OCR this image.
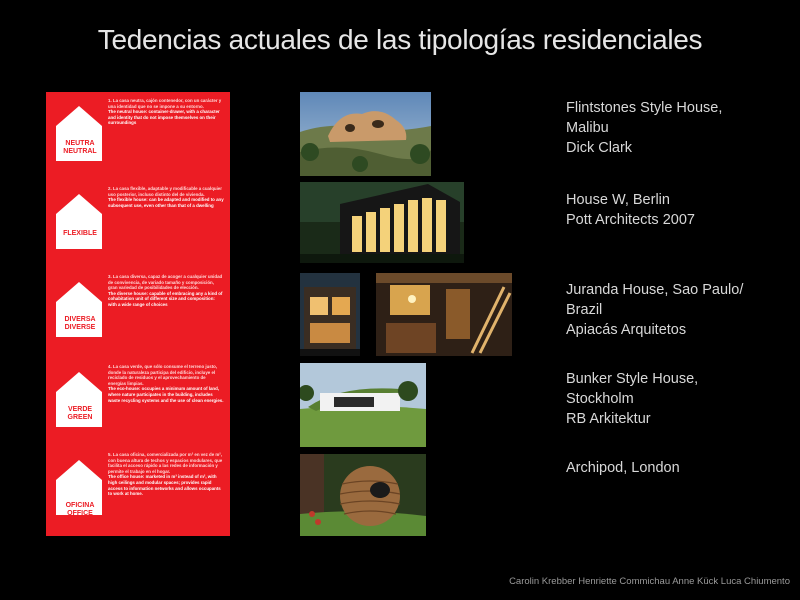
Tedencias actuales de las tipologías residenciales
NEUTRA
NEUTRAL
1. La casa neutra, cajón contenedor, con un carácter y una identidad que no se impone a su entorno.
The neutral house: container-drawer, with a character and identity that do not impose themselves on their surroundings
FLEXIBLE
2. La casa flexible, adaptable y modificable a cualquier uso posterior, incluso distinto del de vivienda.
The flexible house: can be adapted and modified to any subsequent use, even other than that of a dwelling
DIVERSA
DIVERSE
3. La casa diversa, capaz de acoger a cualquier unidad de convivencia, de variado tamaño y composición, gran variedad de posibilidades de elección.
The diverse house: capable of embracing any a kind of cohabitation unit of different size and composition: with a wide range of choices
VERDE
GREEN
4. La casa verde, que sólo consume el terreno justo, donde la naturaleza participa del edificio, incluye el reciclado de residuos y el aprovechamiento de energías limpias.
The eco-house: occupies a minimum amount of land, where nature participates in the building, includes waste recycling systems and the use of clean energies.
OFICINA
OFFICE
5. La casa oficina, comercializada por m² en vez de m², con buena altura de techos y espacios modulares, que facilita el acceso rápido a las redes de información y permite el trabajo en el hogar.
The office house: marketed in m³ instead of m², with high ceilings and modular spaces; provides rapid access to information networks and allows occupants to work at home.
Flintstones Style House,
Malibu
Dick Clark
House W, Berlin
Pott Architects 2007
Juranda House, Sao Paulo/
Brazil
Apiacás Arquitetos
Bunker Style House,
Stockholm
RB Arkitektur
Archipod, London
Carolin Krebber Henriette Commichau Anne Kück Luca Chiumento
